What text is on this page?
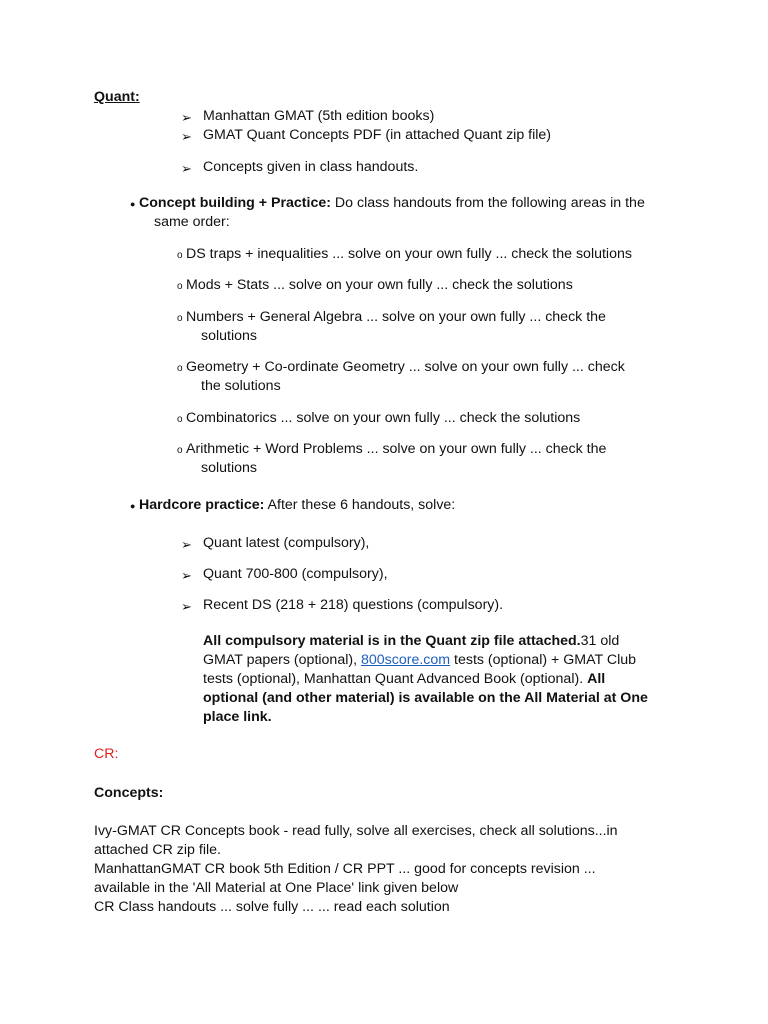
Quant:
➢ Manhattan GMAT (5th edition books)
➢ GMAT Quant Concepts PDF (in attached Quant zip file)
➢ Concepts given in class handouts.
● Concept building + Practice: Do class handouts from the following areas in the
same order:
o DS traps + inequalities ... solve on your own fully ... check the solutions
o Mods + Stats ... solve on your own fully ... check the solutions
o Numbers + General Algebra ... solve on your own fully ... check the
solutions
o Geometry + Co-ordinate Geometry ... solve on your own fully ... check
the solutions
o Combinatorics ... solve on your own fully ... check the solutions
o Arithmetic + Word Problems ... solve on your own fully ... check the
solutions
● Hardcore practice: After these 6 handouts, solve:
➢ Quant latest (compulsory),
➢ Quant 700-800 (compulsory),
➢ Recent DS (218 + 218) questions (compulsory).
All compulsory material is in the Quant zip file attached.31 old
GMAT papers (optional), 800score.com tests (optional) + GMAT Club
tests (optional), Manhattan Quant Advanced Book (optional). All
optional (and other material) is available on the All Material at One
place link.
CR:
Concepts:
Ivy-GMAT CR Concepts book - read fully, solve all exercises, check all solutions...in
attached CR zip file.
ManhattanGMAT CR book 5th Edition / CR PPT ... good for concepts revision ...
available in the 'All Material at One Place' link given below
CR Class handouts ... solve fully ... ... read each solution
